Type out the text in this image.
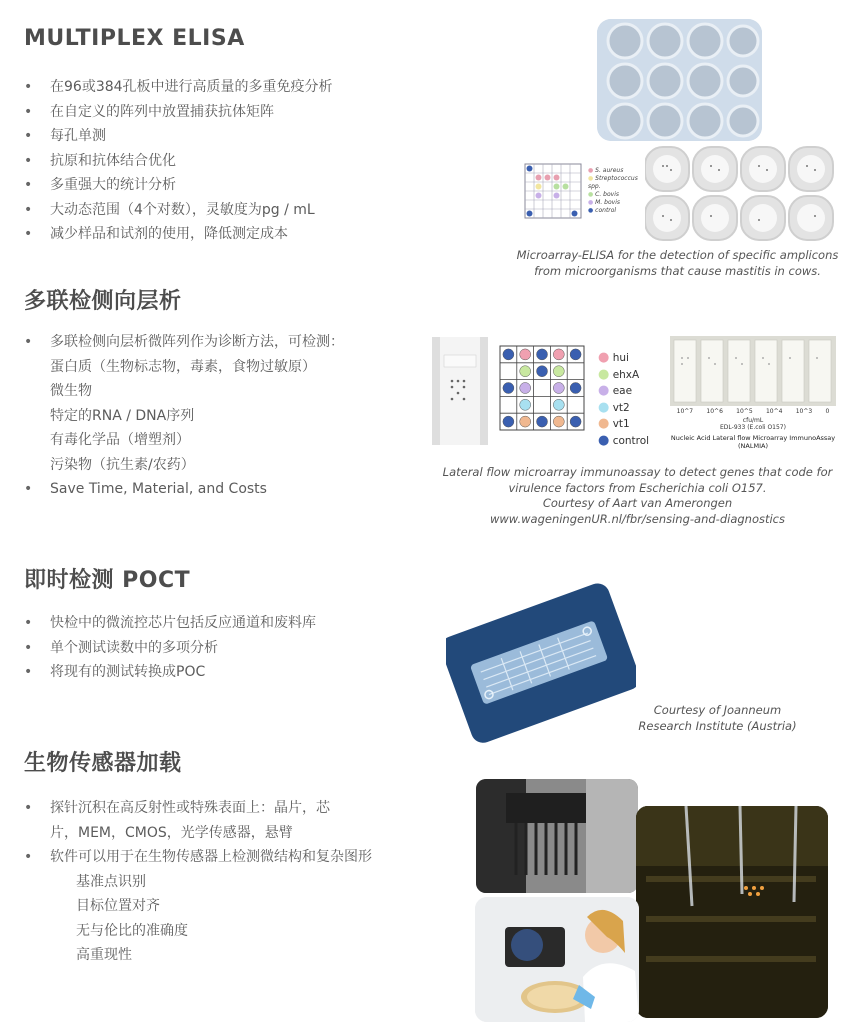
MULTIPLEX ELISA
• 在96或384孔板中进行高质量的多重免疫分析
• 在自定义的阵列中放置捕获抗体矩阵
• 每孔单测
• 抗原和抗体结合优化
• 多重强大的统计分析
• 大动态范围（4个对数），灵敏度为pg / mL
• 减少样品和试剂的使用，降低测定成本
● S. aureus
● Streptococcus spp.
● C. bovis
● M. bovis
● control
Microarray-ELISA for the detection of specific amplicons
from microorganisms that cause mastitis in cows.
多联检侧向层析
• 多联检侧向层析微阵列作为诊断方法，可检测：
蛋白质（生物标志物，毒素，食物过敏原）
微生物
特定的RNA / DNA序列
有毒化学品（增塑剂）
污染物（抗生素/农药）
• Save Time, Material, and Costs
● hui
● ehxA
● eae
● vt2
● vt1
● control
10^7 10^6 10^5 10^4 10^3 0
cfu/mL
EDL-933 (E.coli O157)
Nucleic Acid Lateral flow Microarray ImmunoAssay
(NALMIA)
Lateral flow microarray immunoassay to detect genes that code for
virulence factors from Escherichia coli O157.
Courtesy of Aart van Amerongen
www.wageningenUR.nl/fbr/sensing-and-diagnostics
即时检测 POCT
• 快检中的微流控芯片包括反应通道和废料库
• 单个测试读数中的多项分析
• 将现有的测试转换成POC
Courtesy of Joanneum
Research Institute (Austria)
生物传感器加载
• 探针沉积在高反射性或特殊表面上：晶片，芯
片，MEM，CMOS，光学传感器，悬臂
• 软件可以用于在生物传感器上检测微结构和复杂图形
基准点识别
目标位置对齐
无与伦比的准确度
高重现性
